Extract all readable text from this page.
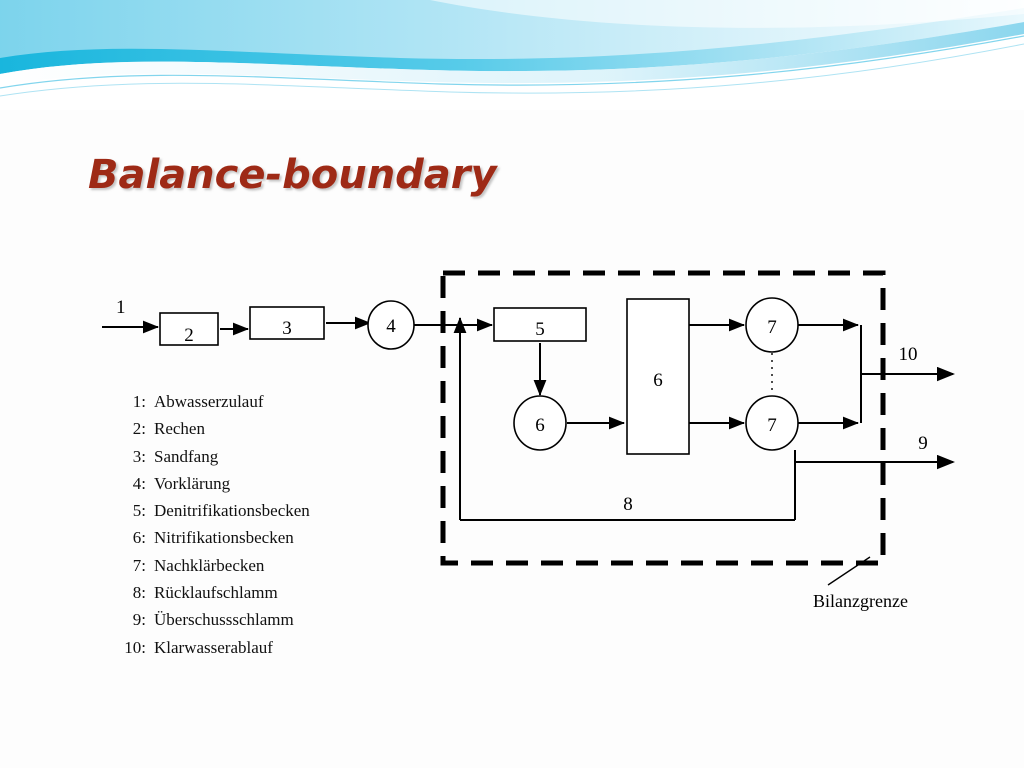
Balance-boundary
1: Abwasserzulauf
2: Rechen
3: Sandfang
4: Vorklärung
5: Denitrifikationsbecken
6: Nitrifikationsbecken
7: Nachklärbecken
8: Rücklaufschlamm
9: Überschussschlamm
10: Klarwasserablauf
1
2	3	4	5
6
6
7
7
10
9
8
Bilanzgrenze
